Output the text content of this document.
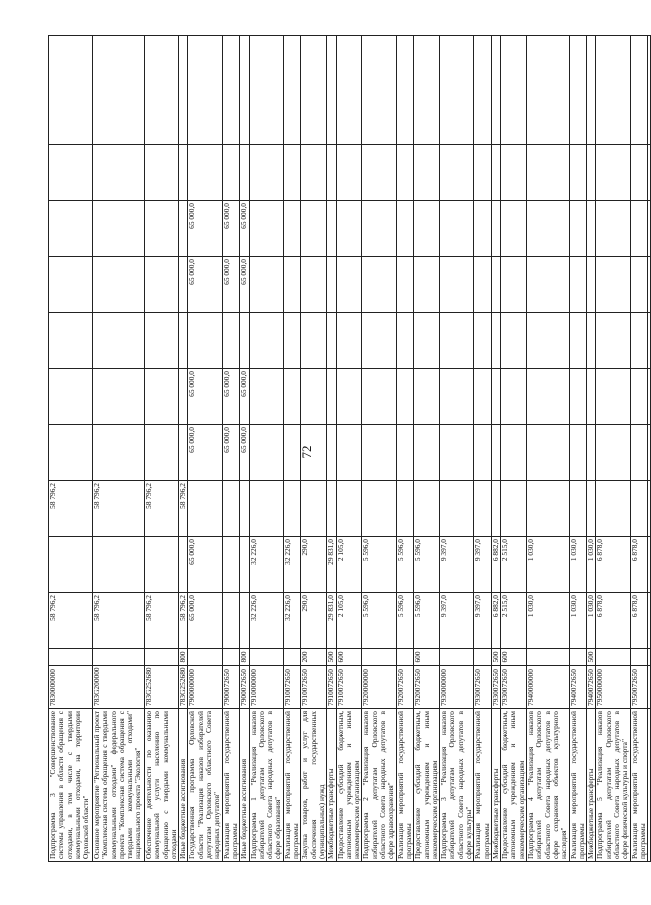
72
Подпрограмма 3 "Совершенствование системы управления в области обращения с отходами, в том числе с твердыми коммунальными отходами, на территории Орловской области"	7830000000		58 796,2		58 796,2							
Основное мероприятие "Региональный проект "Комплексная система обращения с твердыми коммунальными отходами" федерального проекта "Комплексная система обращения с твердыми коммунальными отходами" национального проекта "Экология"	783G200000		58 796,2		58 796,2							
Обеспечение деятельности по оказанию коммунальной услуги населению по обращению с твердыми коммунальными отходами	783G252680		58 796,2		58 796,2							
Иные бюджетные ассигнования	783G252680	800	58 796,2		58 796,2							
Государственная программа Орловской области "Реализация наказов избирателей депутатам Орловского областного Совета народных депутатов"	7900000000		65 000,0	65 000,0		65 000,0	65 000,0		65 000,0	65 000,0		
Реализация мероприятий государственной программы	7900072650					65 000,0	65 000,0		65 000,0	65 000,0		
Иные бюджетные ассигнования	7900072650	800				65 000,0	65 000,0		65 000,0	65 000,0		
Подпрограмма 1 "Реализация наказов избирателей депутатам Орловского областного Совета народных депутатов в сфере образования"	7910000000		32 226,0	32 226,0								
Реализация мероприятий государственной программы	7910072650		32 226,0	32 226,0								
Закупка товаров, работ и услуг для обеспечения государственных (муниципальных) нужд	7910072650	200	290,0	290,0								
Межбюджетные трансферты	7910072650	500	29 831,0	29 831,0								
Предоставление субсидий бюджетным, автономным учреждениям и иным некоммерческим организациям	7910072650	600	2 105,0	2 105,0								
Подпрограмма 2 "Реализация наказов избирателей депутатам Орловского областного Совета народных депутатов в сфере здравоохранения"	7920000000		5 596,0	5 596,0								
Реализация мероприятий государственной программы	7920072650		5 596,0	5 596,0								
Предоставление субсидий бюджетным, автономным учреждениям и иным некоммерческим организациям	7920072650	600	5 596,0	5 596,0								
Подпрограмма 3 "Реализация наказов избирателей депутатам Орловского областного Совета народных депутатов в сфере культуры"	7930000000		9 397,0	9 397,0								
Реализация мероприятий государственной программы	7930072650		9 397,0	9 397,0								
Межбюджетные трансферты	7930072650	500	6 882,0	6 882,0								
Предоставление субсидий бюджетным, автономным учреждениям и иным некоммерческим организациям	7930072650	600	2 515,0	2 515,0								
Подпрограмма 4 "Реализация наказов избирателей депутатам Орловского областного Совета народных депутатов в сфере сохранения объектов культурного наследия"	7940000000		1 030,0	1 030,0								
Реализация мероприятий государственной программы	7940072650		1 030,0	1 030,0								
Межбюджетные трансферты	7940072650	500	1 030,0	1 030,0								
Подпрограмма 5 "Реализация наказов избирателей депутатам Орловского областного Совета народных депутатов в сфере физической культуры и спорта"	7950000000		6 878,0	6 878,0								
Реализация мероприятий государственной программы	7950072650		6 878,0	6 878,0								
